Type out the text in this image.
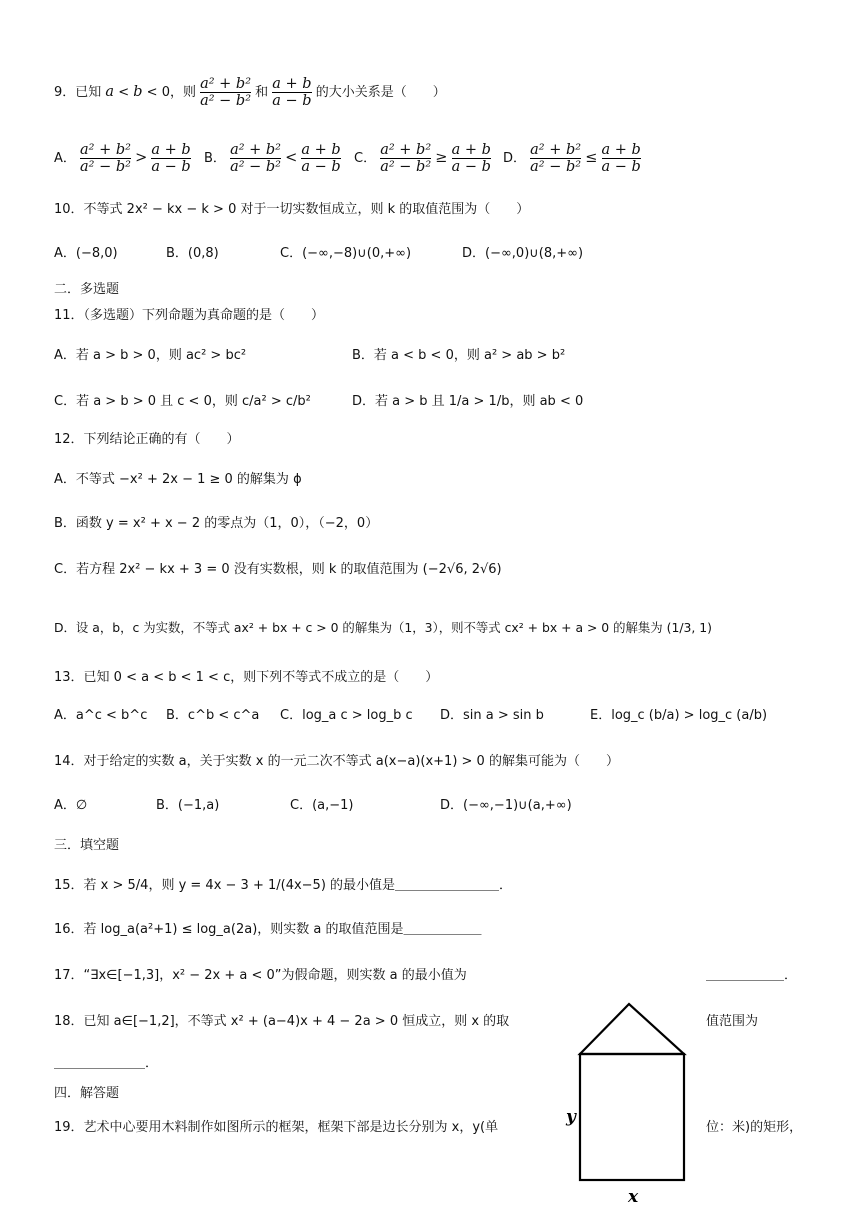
9．已知 a < b < 0，则 $\frac{\text{a² + b²}}{\text{a² − b²}}$ 和 $\frac{a + b}{a - b}$ 的大小关系是（　　）
A． $\frac{\text{a² + b²}}{\text{a² − b²}} > \frac{a + b}{a - b}$ B． $\frac{\text{a² + b²}}{\text{a² − b²}} < \frac{a + b}{a - b}$ C． $\frac{\text{a² + b²}}{\text{a² − b²}} \ge \frac{a + b}{a - b}$ D． $\frac{\text{a² + b²}}{\text{a² − b²}} \le \frac{a + b}{a - b}$
10．不等式 2x² − kx − k > 0 对于一切实数恒成立，则 k 的取值范围为（　　）
A．(−8,0)	B．(0,8)	C．(−∞,−8)∪(0,+∞)	D．(−∞,0)∪(8,+∞)
二．多选题
11．（多选题）下列命题为真命题的是（　　）
A．若 a > b > 0，则 ac² > bc²	B．若 a < b < 0，则 a² > ab > b²
C．若 a > b > 0 且 c < 0，则 c/a² > c/b²	D．若 a > b 且 1/a > 1/b，则 ab < 0
12．下列结论正确的有（　　）
A．不等式 −x² + 2x − 1 ≥ 0 的解集为 ϕ
B．函数 y = x² + x − 2 的零点为（1，0），（−2，0）
C．若方程 2x² − kx + 3 = 0 没有实数根，则 k 的取值范围为 (−2√6, 2√6)
D．设 a，b，c 为实数，不等式 ax² + bx + c > 0 的解集为（1，3），则不等式 cx² + bx + a > 0 的解集为 (1/3, 1)
13．已知 0 < a < b < 1 < c，则下列不等式不成立的是（　　）
A．a^c < b^c B．c^b < c^a C．log_a c > log_b c D．sin a > sin b	E．log_c (b/a) > log_c (a/b)
14．对于给定的实数 a，关于实数 x 的一元二次不等式 a(x−a)(x+1) > 0 的解集可能为（　　）
A．∅	B．(−1,a)	C．(a,−1)	D．(−∞,−1)∪(a,+∞)
三．填空题
15．若 x > 5/4，则 y = 4x − 3 + 1/(4x−5) 的最小值是＿＿＿＿＿＿＿＿．
16．若 log_a(a²+1) ≤ log_a(2a)，则实数 a 的取值范围是＿＿＿＿＿＿
17．“∃x∈[−1,3]，x² − 2x + a < 0”为假命题，则实数 a 的最小值为	＿＿＿＿＿＿．
18．已知 a∈[−1,2]，不等式 x² + (a−4)x + 4 − 2a > 0 恒成立，则 x 的取	值范围为
＿＿＿＿＿＿＿．
四．解答题
19．艺术中心要用木料制作如图所示的框架，框架下部是边长分别为 x，y(单	位：米)的矩形，
y
x
